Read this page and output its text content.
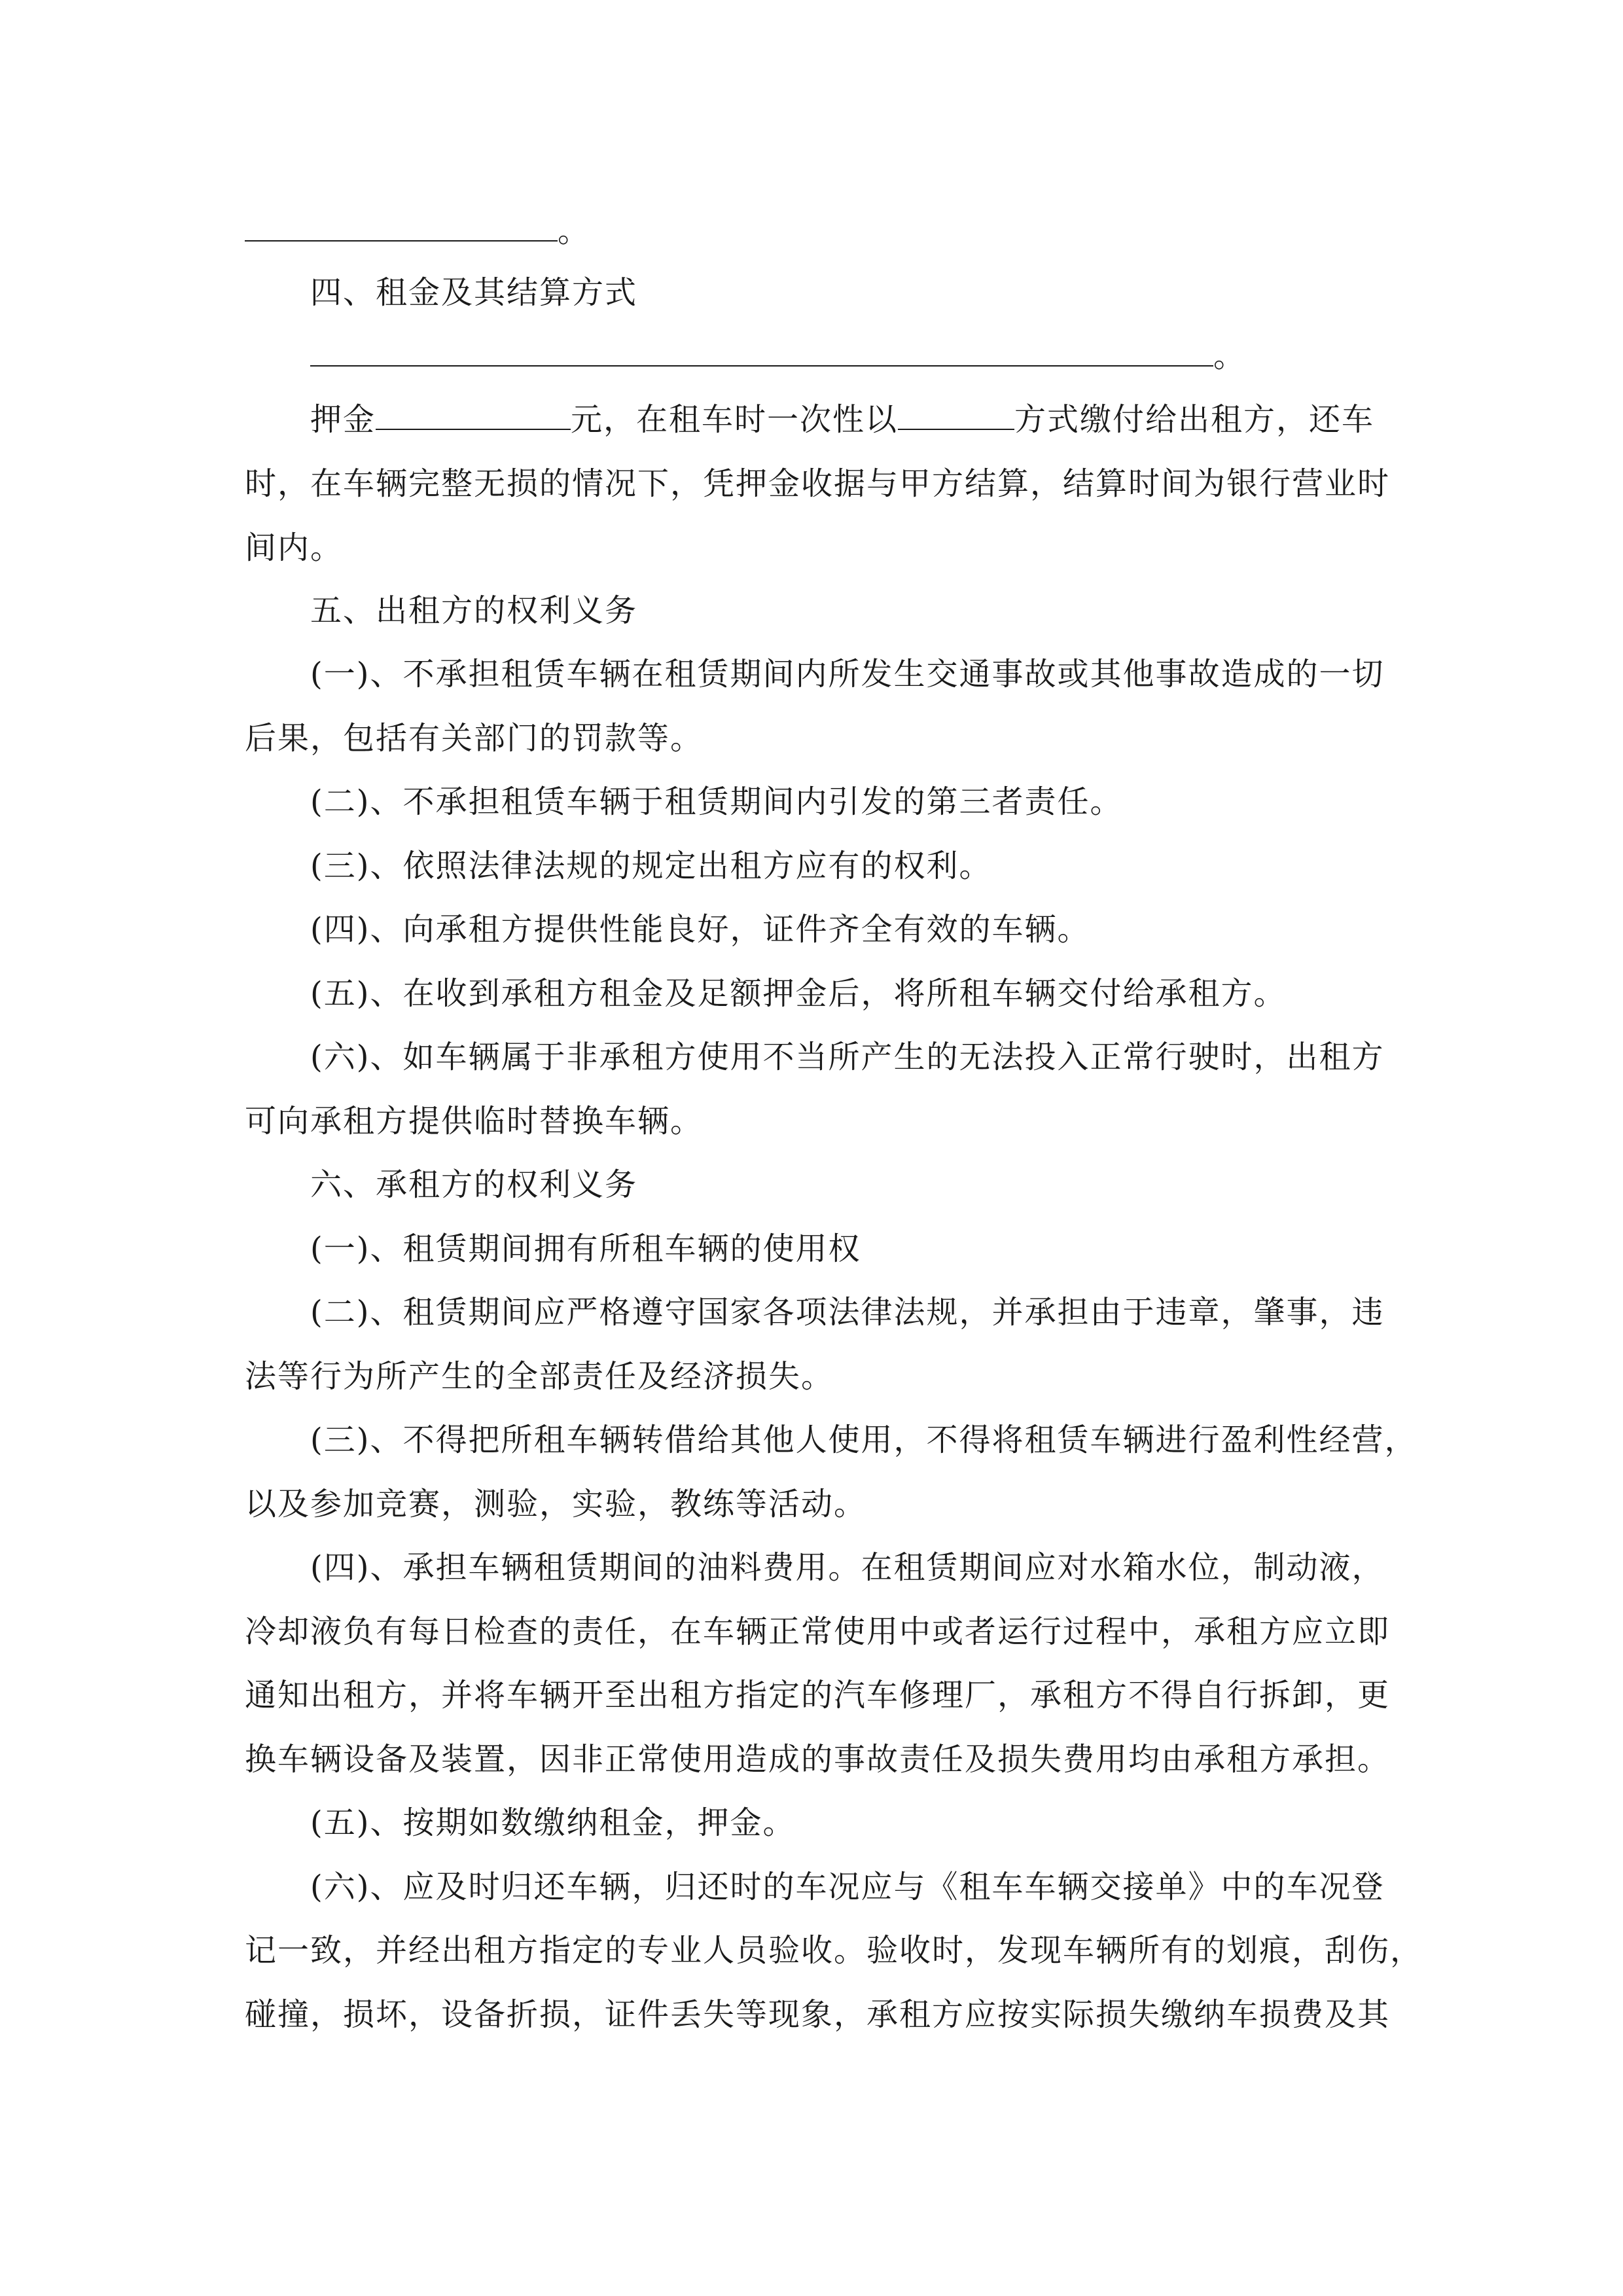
。
四、租金及其结算方式
。
押金	元，在租车时一次性以	方式缴付给出租方，还车
时，在车辆完整无损的情况下，凭押金收据与甲方结算，结算时间为银行营业时
间内。
五、出租方的权利义务
(一)、不承担租赁车辆在租赁期间内所发生交通事故或其他事故造成的一切
后果，包括有关部门的罚款等。
(二)、不承担租赁车辆于租赁期间内引发的第三者责任。
(三)、依照法律法规的规定出租方应有的权利。
(四)、向承租方提供性能良好，证件齐全有效的车辆。
(五)、在收到承租方租金及足额押金后，将所租车辆交付给承租方。
(六)、如车辆属于非承租方使用不当所产生的无法投入正常行驶时，出租方
可向承租方提供临时替换车辆。
六、承租方的权利义务
(一)、租赁期间拥有所租车辆的使用权
(二)、租赁期间应严格遵守国家各项法律法规，并承担由于违章，肇事，违
法等行为所产生的全部责任及经济损失。
(三)、不得把所租车辆转借给其他人使用，不得将租赁车辆进行盈利性经营，
以及参加竞赛，测验，实验，教练等活动。
(四)、承担车辆租赁期间的油料费用。在租赁期间应对水箱水位，制动液，
冷却液负有每日检查的责任，在车辆正常使用中或者运行过程中，承租方应立即
通知出租方，并将车辆开至出租方指定的汽车修理厂，承租方不得自行拆卸，更
换车辆设备及装置，因非正常使用造成的事故责任及损失费用均由承租方承担。
(五)、按期如数缴纳租金，押金。
(六)、应及时归还车辆，归还时的车况应与《租车车辆交接单》中的车况登
记一致，并经出租方指定的专业人员验收。验收时，发现车辆所有的划痕，刮伤，
碰撞，损坏，设备折损，证件丢失等现象，承租方应按实际损失缴纳车损费及其
